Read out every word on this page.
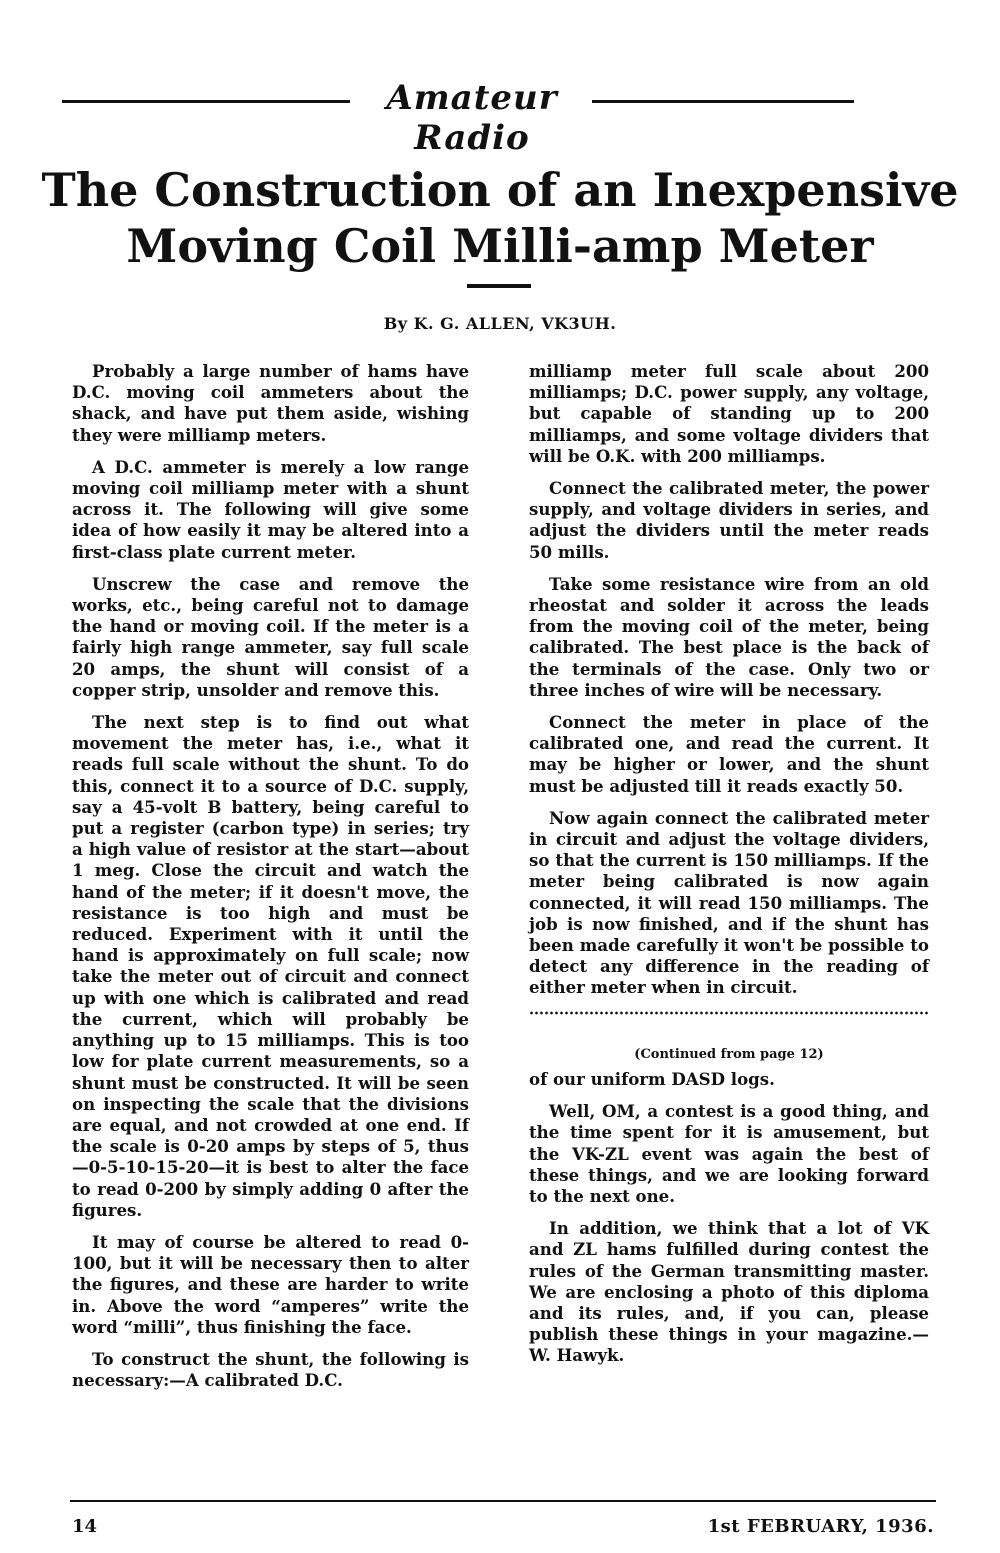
Amateur Radio
The Construction of an Inexpensive
Moving Coil Milli-amp Meter
By K. G. ALLEN, VK3UH.

Probably a large number of hams have D.C. moving coil ammeters about the shack, and have put them aside, wishing they were milliamp meters.

A D.C. ammeter is merely a low range moving coil milliamp meter with a shunt across it. The following will give some idea of how easily it may be altered into a first-class plate current meter.

Unscrew the case and remove the works, etc., being careful not to damage the hand or moving coil. If the meter is a fairly high range ammeter, say full scale 20 amps, the shunt will consist of a copper strip, unsolder and remove this.

The next step is to find out what movement the meter has, i.e., what it reads full scale without the shunt. To do this, connect it to a source of D.C. supply, say a 45-volt B battery, being careful to put a register (carbon type) in series; try a high value of resistor at the start—about 1 meg. Close the circuit and watch the hand of the meter; if it doesn't move, the resistance is too high and must be reduced. Experiment with it until the hand is approximately on full scale; now take the meter out of circuit and connect up with one which is calibrated and read the current, which will probably be anything up to 15 milliamps. This is too low for plate current measurements, so a shunt must be constructed. It will be seen on inspecting the scale that the divisions are equal, and not crowded at one end. If the scale is 0-20 amps by steps of 5, thus—0-5-10-15-20—it is best to alter the face to read 0-200 by simply adding 0 after the figures.

It may of course be altered to read 0-100, but it will be necessary then to alter the figures, and these are harder to write in. Above the word “amperes” write the word “milli”, thus finishing the face.

To construct the shunt, the following is necessary:—A calibrated D.C.

milliamp meter full scale about 200 milliamps; D.C. power supply, any voltage, but capable of standing up to 200 milliamps, and some voltage dividers that will be O.K. with 200 milliamps.

Connect the calibrated meter, the power supply, and voltage dividers in series, and adjust the dividers until the meter reads 50 mills.

Take some resistance wire from an old rheostat and solder it across the leads from the moving coil of the meter, being calibrated. The best place is the back of the terminals of the case. Only two or three inches of wire will be necessary.

Connect the meter in place of the calibrated one, and read the current. It may be higher or lower, and the shunt must be adjusted till it reads exactly 50.

Now again connect the calibrated meter in circuit and adjust the voltage dividers, so that the current is 150 milliamps. If the meter being calibrated is now again connected, it will read 150 milliamps. The job is now finished, and if the shunt has been made carefully it won't be possible to detect any difference in the reading of either meter when in circuit.

(Continued from page 12)

of our uniform DASD logs.

Well, OM, a contest is a good thing, and the time spent for it is amusement, but the VK-ZL event was again the best of these things, and we are looking forward to the next one.

In addition, we think that a lot of VK and ZL hams fulfilled during contest the rules of the German transmitting master. We are enclosing a photo of this diploma and its rules, and, if you can, please publish these things in your magazine.—W. Hawyk.

14	1st FEBRUARY, 1936.
